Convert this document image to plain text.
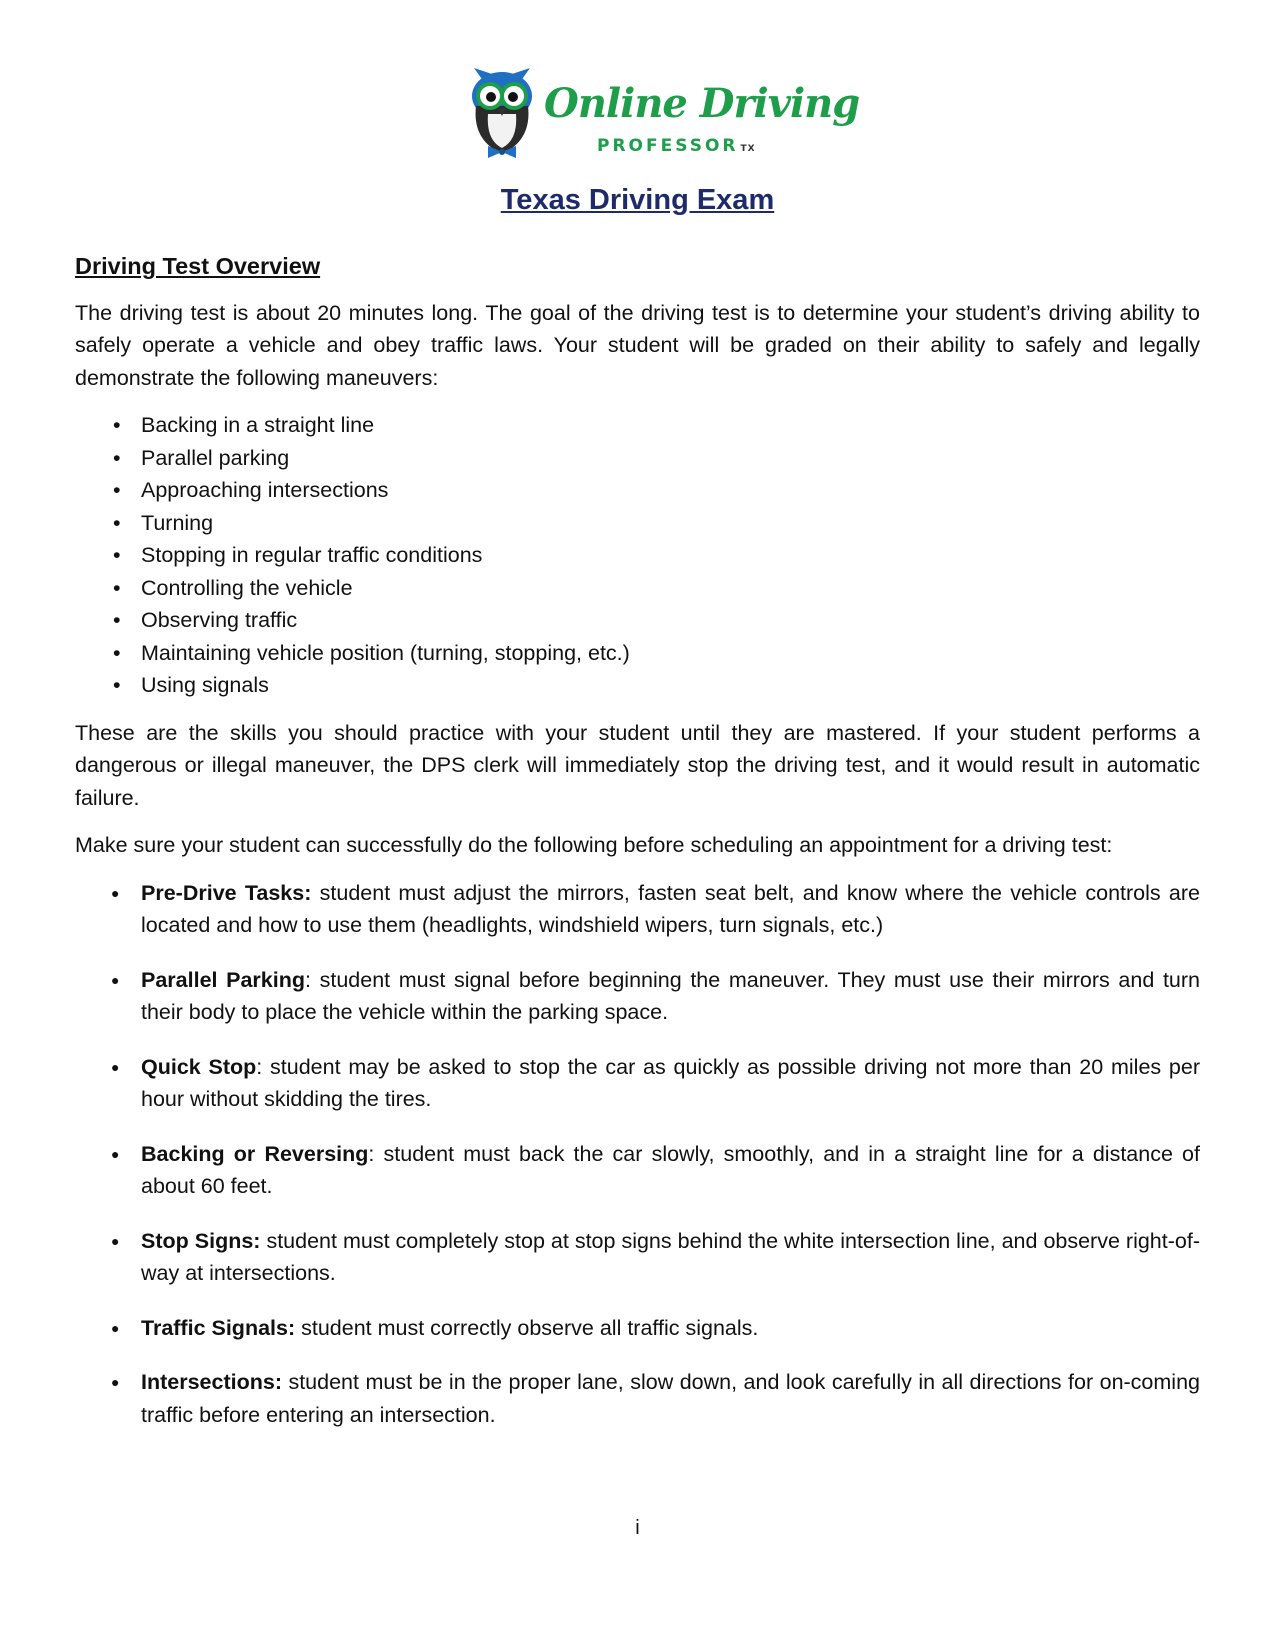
Online Driving
PROFESSOR TX
Texas Driving Exam
Driving Test Overview

The driving test is about 20 minutes long. The goal of the driving test is to determine your student’s driving ability to safely operate a vehicle and obey traffic laws. Your student will be graded on their ability to safely and legally demonstrate the following maneuvers:

• Backing in a straight line
• Parallel parking
• Approaching intersections
• Turning
• Stopping in regular traffic conditions
• Controlling the vehicle
• Observing traffic
• Maintaining vehicle position (turning, stopping, etc.)
• Using signals

These are the skills you should practice with your student until they are mastered. If your student performs a dangerous or illegal maneuver, the DPS clerk will immediately stop the driving test, and it would result in automatic failure.

Make sure your student can successfully do the following before scheduling an appointment for a driving test:

● Pre-Drive Tasks: student must adjust the mirrors, fasten seat belt, and know where the vehicle controls are located and how to use them (headlights, windshield wipers, turn signals, etc.)
● Parallel Parking: student must signal before beginning the maneuver. They must use their mirrors and turn their body to place the vehicle within the parking space.
● Quick Stop: student may be asked to stop the car as quickly as possible driving not more than 20 miles per hour without skidding the tires.
● Backing or Reversing: student must back the car slowly, smoothly, and in a straight line for a distance of about 60 feet.
● Stop Signs: student must completely stop at stop signs behind the white intersection line, and observe right-of-way at intersections.
● Traffic Signals: student must correctly observe all traffic signals.
● Intersections: student must be in the proper lane, slow down, and look carefully in all directions for on-coming traffic before entering an intersection.
i
